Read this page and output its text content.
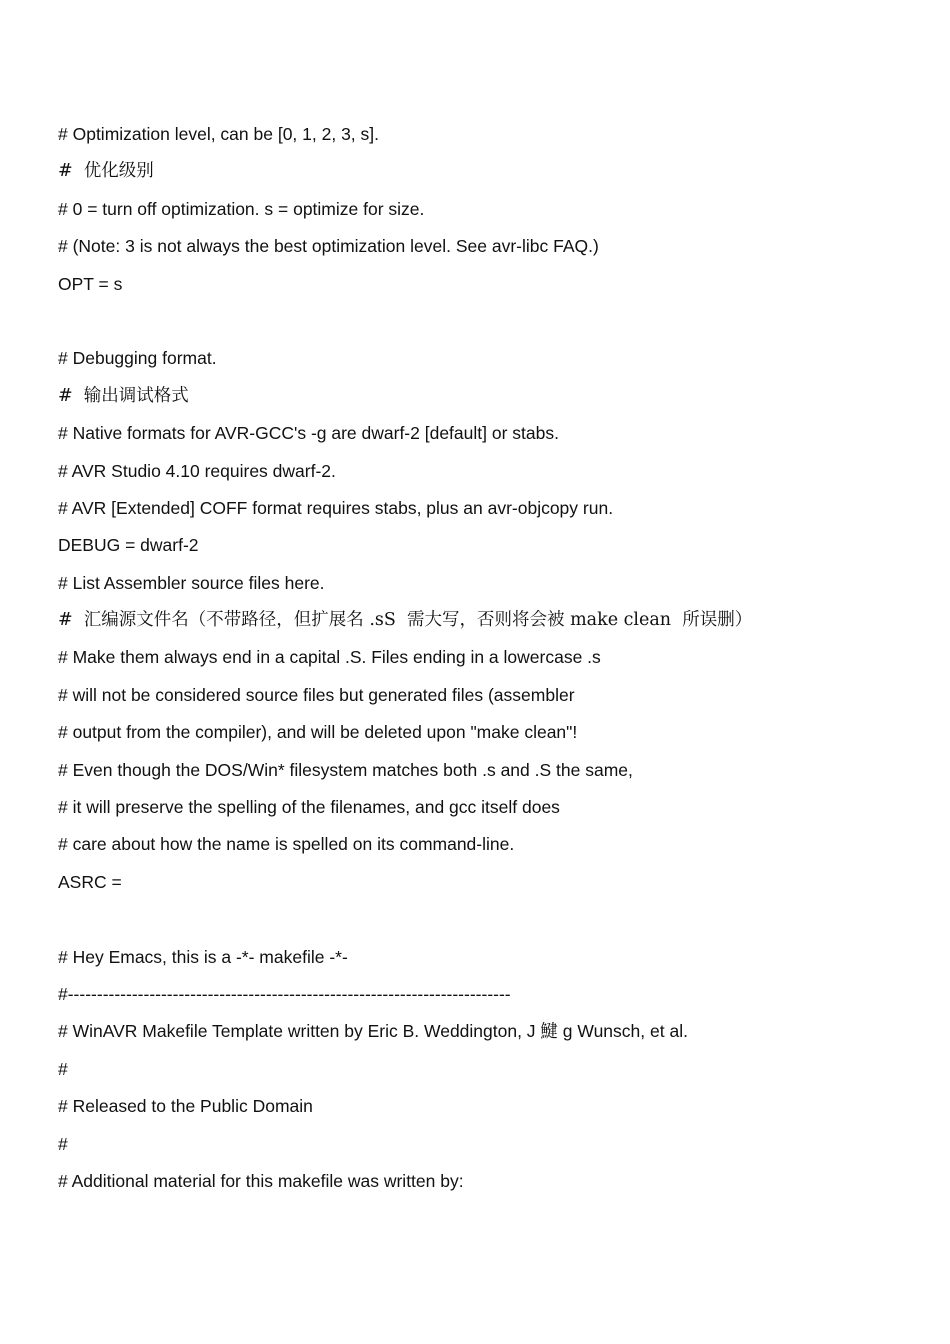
# Optimization level, can be [0, 1, 2, 3, s].
#  优化级别
# 0 = turn off optimization. s = optimize for size.
# (Note: 3 is not always the best optimization level. See avr-libc FAQ.)
OPT = s
# Debugging format.
#  输出调试格式
# Native formats for AVR-GCC's -g are dwarf-2 [default] or stabs.
# AVR Studio 4.10 requires dwarf-2.
# AVR [Extended] COFF format requires stabs, plus an avr-objcopy run.
DEBUG = dwarf-2
# List Assembler source files here.
#  汇编源文件名（不带路径，但扩展名 .sS  需大写，否则将会被 make clean  所误删）
# Make them always end in a capital .S. Files ending in a lowercase .s
# will not be considered source files but generated files (assembler
# output from the compiler), and will be deleted upon "make clean"!
# Even though the DOS/Win* filesystem matches both .s and .S the same,
# it will preserve the spelling of the filenames, and gcc itself does
# care about how the name is spelled on its command-line.
ASRC =
# Hey Emacs, this is a -*- makefile -*-
#----------------------------------------------------------------------------
# WinAVR Makefile Template written by Eric B. Weddington, J 鰎 g Wunsch, et al.
#
# Released to the Public Domain
#
# Additional material for this makefile was written by:
